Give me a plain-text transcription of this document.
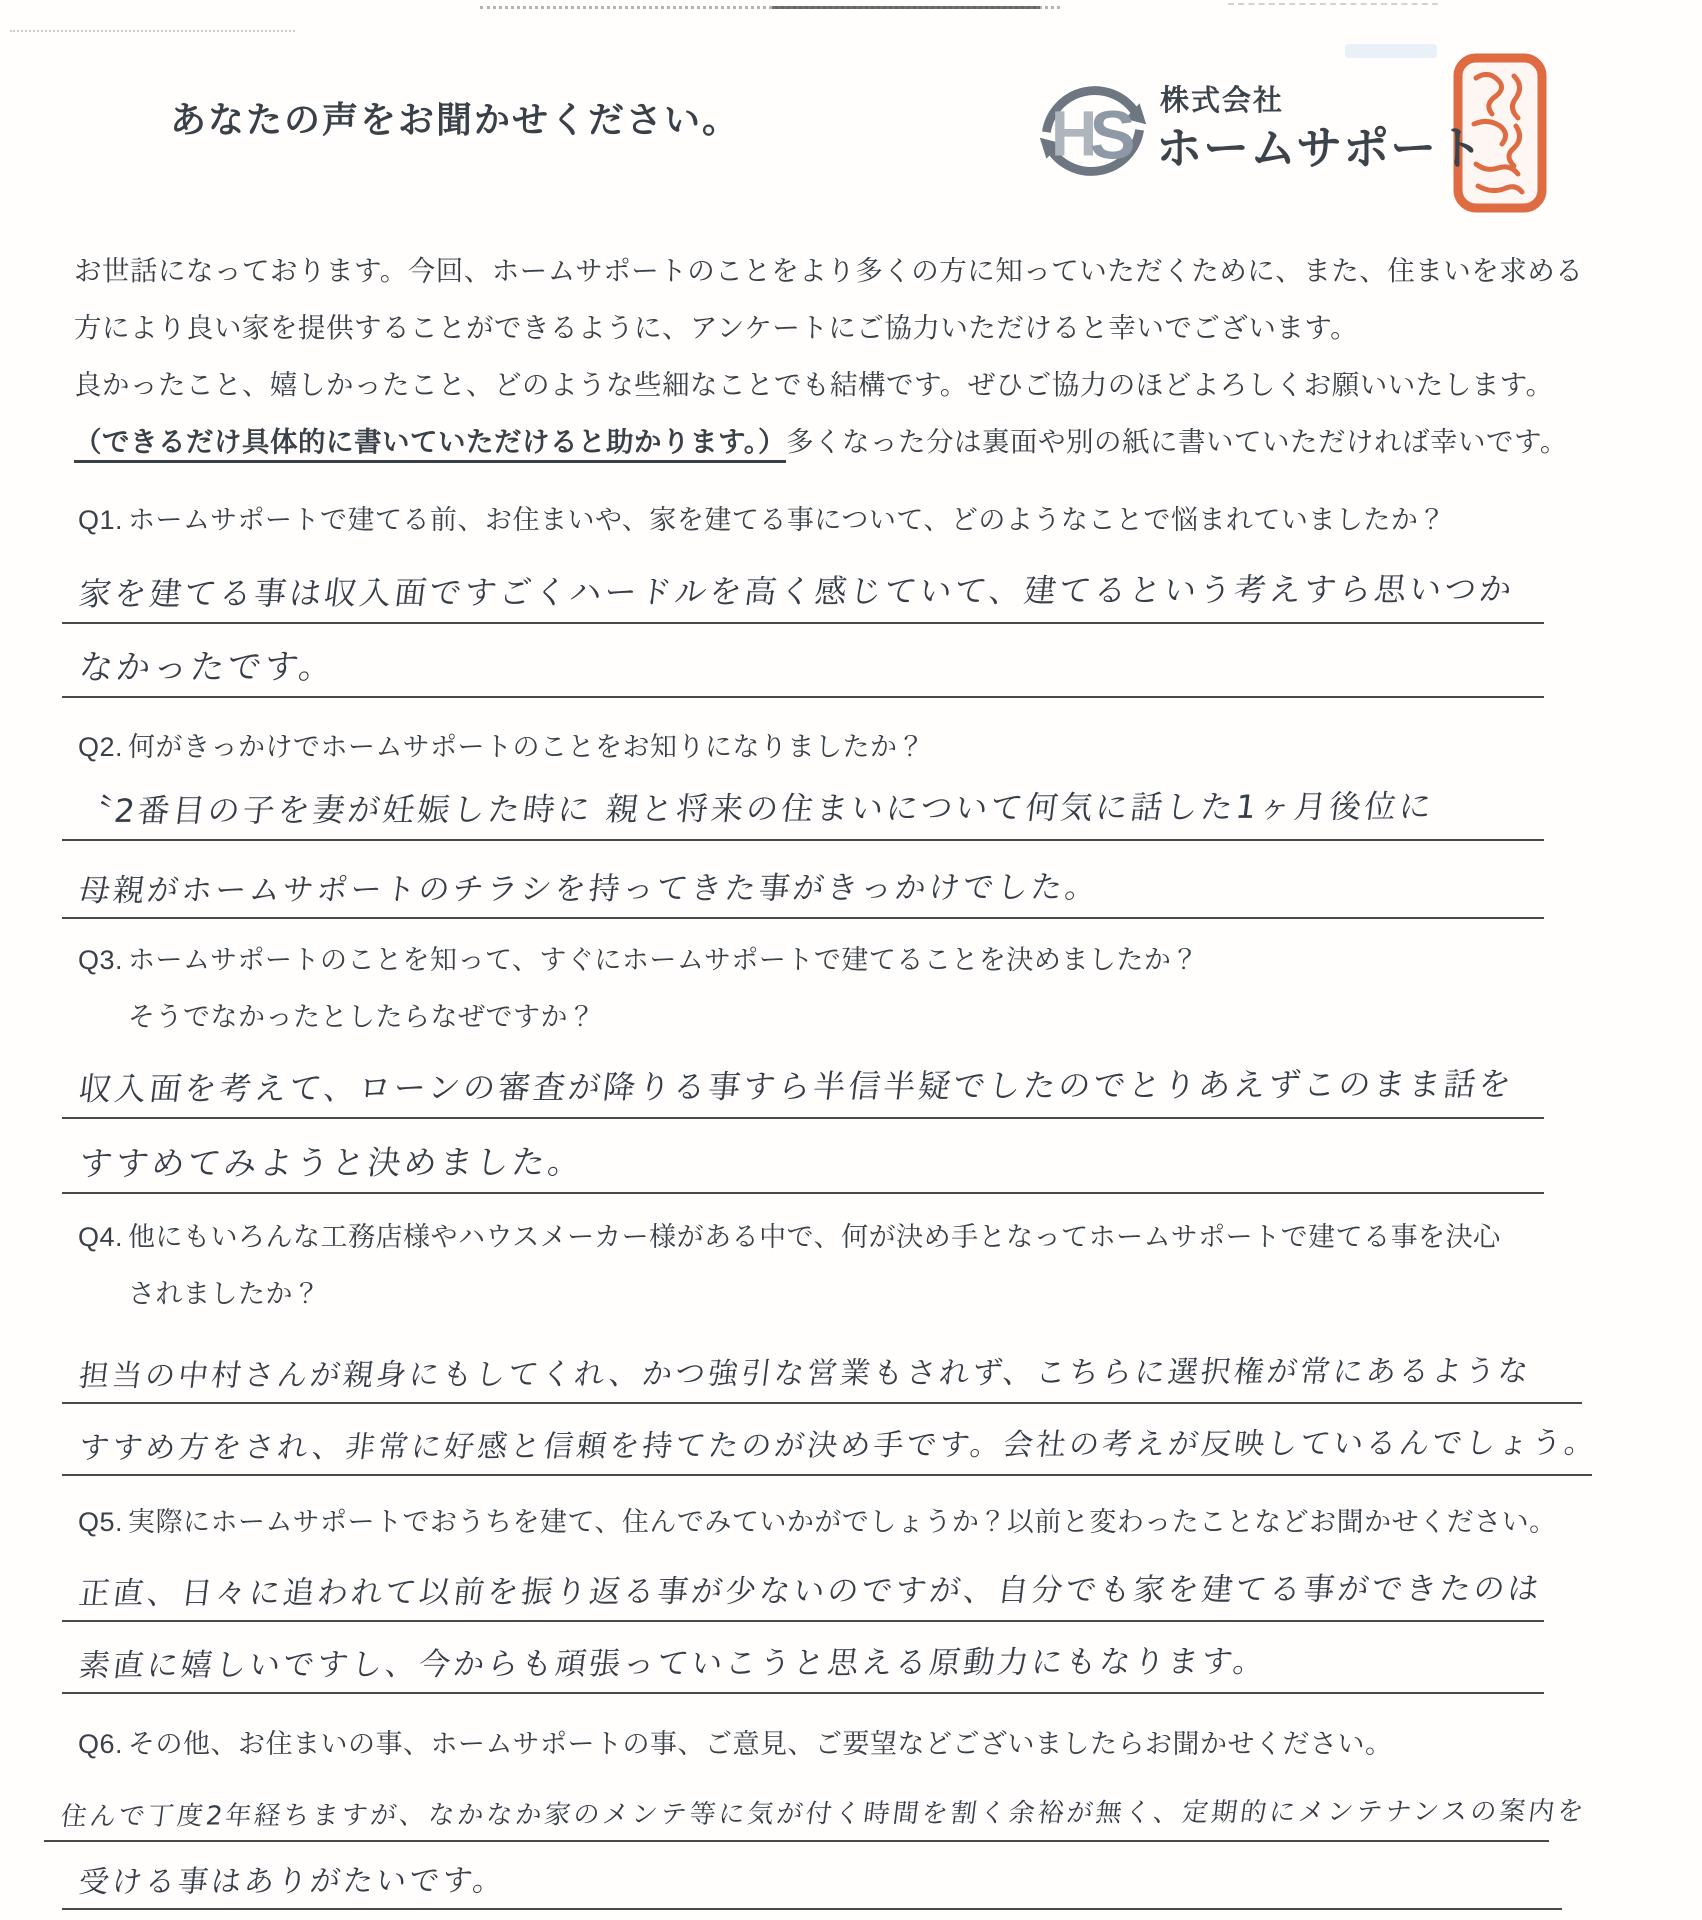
あなたの声をお聞かせください。	H
S 株式会社
ホームサポート
お世話になっております。今回、ホームサポートのことをより多くの方に知っていただくために、また、住まいを求める
方により良い家を提供することができるように、アンケートにご協力いただけると幸いでございます。
良かったこと、嬉しかったこと、どのような些細なことでも結構です。ぜひご協力のほどよろしくお願いいたします。
（できるだけ具体的に書いていただけると助かります。）多くなった分は裏面や別の紙に書いていただければ幸いです。
Q1. ホームサポートで建てる前、お住まいや、家を建てる事について、どのようなことで悩まれていましたか？
家を建てる事は収入面ですごくハードルを高く感じていて、建てるという考えすら思いつか
なかったです。
Q2. 何がきっかけでホームサポートのことをお知りになりましたか？
〝2番目の子を妻が妊娠した時に 親と将来の住まいについて何気に話した1ヶ月後位に
母親がホームサポートのチラシを持ってきた事がきっかけでした。
Q3. ホームサポートのことを知って、すぐにホームサポートで建てることを決めましたか？
そうでなかったとしたらなぜですか？
収入面を考えて、ローンの審査が降りる事すら半信半疑でしたのでとりあえずこのまま話を
すすめてみようと決めました。
Q4. 他にもいろんな工務店様やハウスメーカー様がある中で、何が決め手となってホームサポートで建てる事を決心
されましたか？
担当の中村さんが親身にもしてくれ、かつ強引な営業もされず、こちらに選択権が常にあるような
すすめ方をされ、非常に好感と信頼を持てたのが決め手です。会社の考えが反映しているんでしょう。
Q5. 実際にホームサポートでおうちを建て、住んでみていかがでしょうか？以前と変わったことなどお聞かせください。
正直、日々に追われて以前を振り返る事が少ないのですが、自分でも家を建てる事ができたのは
素直に嬉しいですし、今からも頑張っていこうと思える原動力にもなります。
Q6. その他、お住まいの事、ホームサポートの事、ご意見、ご要望などございましたらお聞かせください。
住んで丁度2年経ちますが、なかなか家のメンテ等に気が付く時間を割く余裕が無く、定期的にメンテナンスの案内を
受ける事はありがたいです。
